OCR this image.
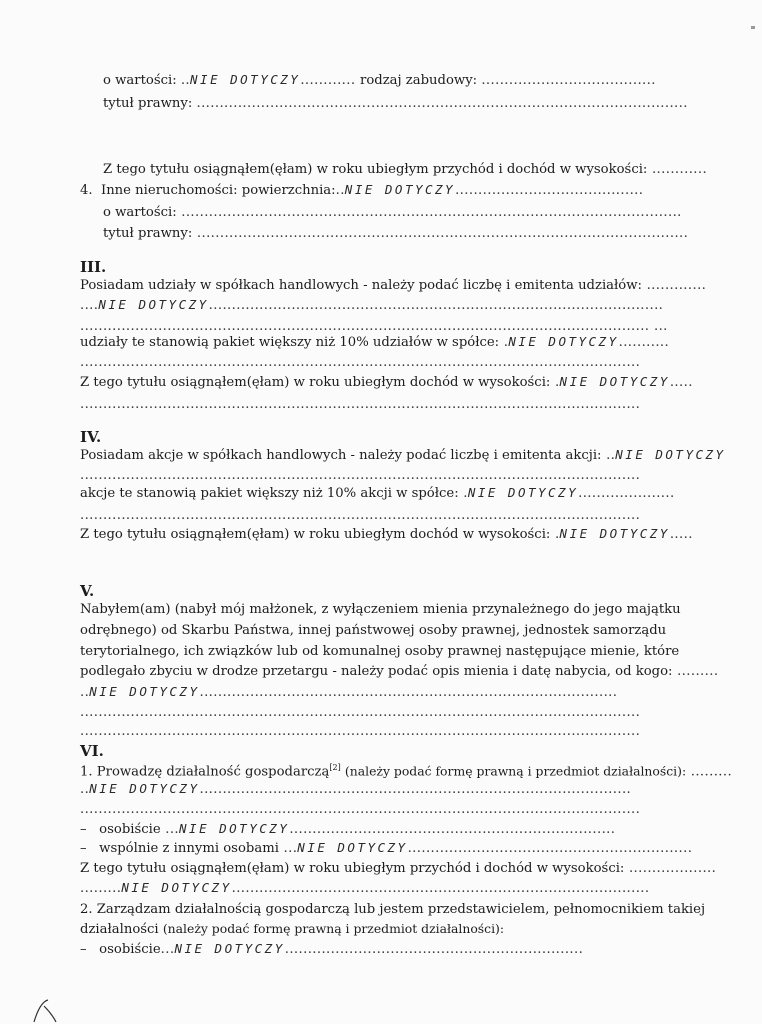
o wartości: ..NIE DOTYCZY............ rodzaj zabudowy: ......................................
tytuł prawny: ...........................................................................................................
Z tego tytułu osiągnąłem(ęłam) w roku ubiegłym przychód i dochód w wysokości: ............
4. Inne nieruchomości: powierzchnia:..NIE DOTYCZY.........................................
o wartości: .............................................................................................................
tytuł prawny: ...........................................................................................................
III.
Posiadam udziały w spółkach handlowych - należy podać liczbę i emitenta udziałów: .............
....NIE DOTYCZY...................................................................................................
............................................................................................................................ ...
udziały te stanowią pakiet większy niż 10% udziałów w spółce: .NIE DOTYCZY...........
..........................................................................................................................
Z tego tytułu osiągnąłem(ęłam) w roku ubiegłym dochód w wysokości: .NIE DOTYCZY.....
..........................................................................................................................
IV.
Posiadam akcje w spółkach handlowych - należy podać liczbę i emitenta akcji: ..NIE DOTYCZY
..........................................................................................................................
akcje te stanowią pakiet większy niż 10% akcji w spółce: .NIE DOTYCZY.....................
..........................................................................................................................
Z tego tytułu osiągnąłem(ęłam) w roku ubiegłym dochód w wysokości: .NIE DOTYCZY.....
V.
Nabyłem(am) (nabył mój małżonek, z wyłączeniem mienia przynależnego do jego majątku
odrębnego) od Skarbu Państwa, innej państwowej osoby prawnej, jednostek samorządu
terytorialnego, ich związków lub od komunalnej osoby prawnej następujące mienie, które
podlegało zbyciu w drodze przetargu - należy podać opis mienia i datę nabycia, od kogo: .........
..NIE DOTYCZY...........................................................................................
..........................................................................................................................
..........................................................................................................................
VI.
1. Prowadzę działalność gospodarczą[2] (należy podać formę prawną i przedmiot działalności): .........
..NIE DOTYCZY..............................................................................................
..........................................................................................................................
– osobiście ...NIE DOTYCZY.......................................................................
– wspólnie z innymi osobami ...NIE DOTYCZY..............................................................
Z tego tytułu osiągnąłem(ęłam) w roku ubiegłym przychód i dochód w wysokości: ...................
.........NIE DOTYCZY...........................................................................................
2. Zarządzam działalnością gospodarczą lub jestem przedstawicielem, pełnomocnikiem takiej
działalności (należy podać formę prawną i przedmiot działalności):
– osobiście...NIE DOTYCZY.................................................................
